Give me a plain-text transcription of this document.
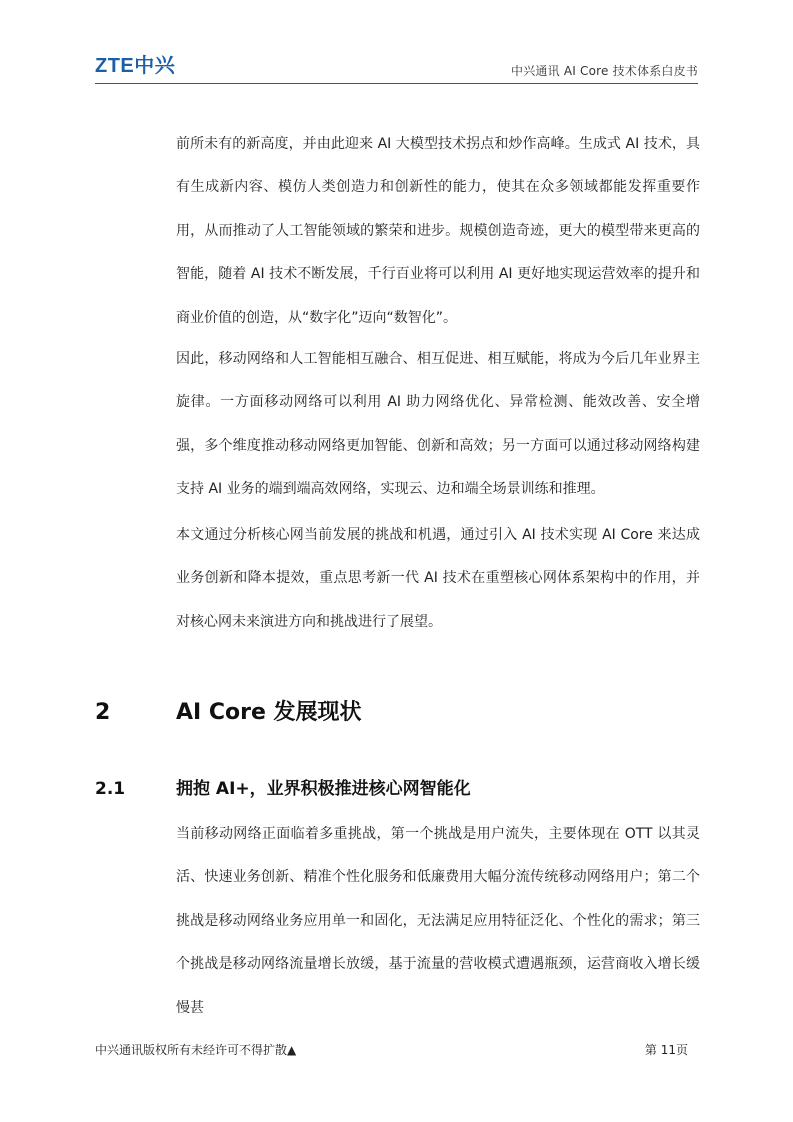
ZTE中兴	中兴通讯 AI Core 技术体系白皮书

前所未有的新高度，并由此迎来 AI 大模型技术拐点和炒作高峰。生成式 AI 技术，具有生成新内容、模仿人类创造力和创新性的能力，使其在众多领域都能发挥重要作用，从而推动了人工智能领域的繁荣和进步。规模创造奇迹，更大的模型带来更高的智能，随着 AI 技术不断发展，千行百业将可以利用 AI 更好地实现运营效率的提升和商业价值的创造，从“数字化”迈向“数智化”。

因此，移动网络和人工智能相互融合、相互促进、相互赋能，将成为今后几年业界主旋律。一方面移动网络可以利用 AI 助力网络优化、异常检测、能效改善、安全增强，多个维度推动移动网络更加智能、创新和高效；另一方面可以通过移动网络构建支持 AI 业务的端到端高效网络，实现云、边和端全场景训练和推理。

本文通过分析核心网当前发展的挑战和机遇，通过引入 AI 技术实现 AI Core 来达成业务创新和降本提效，重点思考新一代 AI 技术在重塑核心网体系架构中的作用，并对核心网未来演进方向和挑战进行了展望。

2	AI Core 发展现状
2.1	拥抱 AI+，业界积极推进核心网智能化

当前移动网络正面临着多重挑战，第一个挑战是用户流失，主要体现在 OTT 以其灵活、快速业务创新、精准个性化服务和低廉费用大幅分流传统移动网络用户；第二个挑战是移动网络业务应用单一和固化，无法满足应用特征泛化、个性化的需求；第三个挑战是移动网络流量增长放缓，基于流量的营收模式遭遇瓶颈，运营商收入增长缓慢甚

中兴通讯版权所有未经许可不得扩散▲	第 11页
